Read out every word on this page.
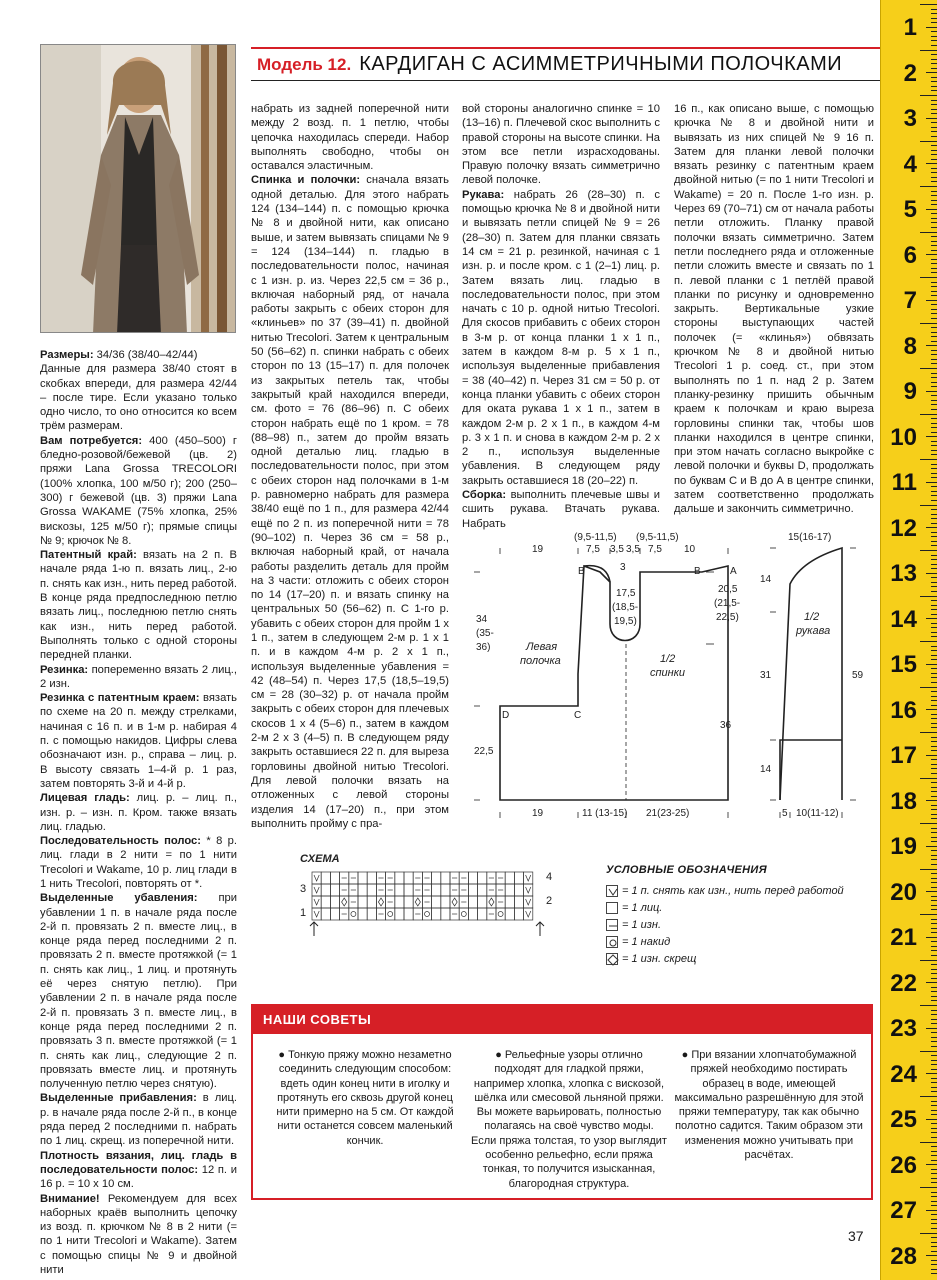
Модель 12. КАРДИГАН С АСИММЕТРИЧНЫМИ ПОЛОЧКАМИ

Размеры: 34/36 (38/40–42/44)

Данные для размера 38/40 стоят в скобках впереди, для размера 42/44 – после тире. Если указано только одно число, то оно относится ко всем трём размерам.

Вам потребуется: 400 (450–500) г бледно-розовой/бежевой (цв. 2) пряжи Lana Grossa TRECOLORI (100% хлопка, 100 м/50 г); 200 (250–300) г бежевой (цв. 3) пряжи Lana Grossa WAKAME (75% хлопка, 25% вискозы, 125 м/50 г); прямые спицы № 9; крючок № 8.

Патентный край: вязать на 2 п. В начале ряда 1-ю п. вязать лиц., 2-ю п. снять как изн., нить перед работой. В конце ряда предпоследнюю петлю вязать лиц., последнюю петлю снять как изн., нить перед работой. Выполнять только с одной стороны передней планки.

Резинка: попеременно вязать 2 лиц., 2 изн.

Резинка с патентным краем: вязать по схеме на 20 п. между стрелками, начиная с 16 п. и в 1-м р. набирая 4 п. с помощью накидов. Цифры слева обозначают изн. р., справа – лиц. р. В высоту связать 1–4-й р. 1 раз, затем повторять 3-й и 4-й р.

Лицевая гладь: лиц. р. – лиц. п., изн. р. – изн. п. Кром. также вязать лиц. гладью.

Последовательность полос: * 8 р. лиц. глади в 2 нити = по 1 нити Trecolori и Wakame, 10 р. лиц глади в 1 нить Trecolori, повторять от *.

Выделенные убавления: при убавлении 1 п. в начале ряда после 2-й п. провязать 2 п. вместе лиц., в конце ряда перед последними 2 п. провязать 2 п. вместе протяжкой (= 1 п. снять как лиц., 1 лиц. и протянуть её через снятую петлю). При убавлении 2 п. в начале ряда после 2-й п. провязать 3 п. вместе лиц., в конце ряда перед последними 2 п. провязать 3 п. вместе протяжкой (= 1 п. снять как лиц., следующие 2 п. провязать вместе лиц. и протянуть полученную петлю через снятую).

Выделенные прибавления: в лиц. р. в начале ряда после 2-й п., в конце ряда перед 2 последними п. набрать по 1 лиц. скрещ. из поперечной нити.

Плотность вязания, лиц. гладь в последовательности полос: 12 п. и 16 р. = 10 х 10 см.

Внимание! Рекомендуем для всех наборных краёв выполнить цепочку из возд. п. крючком № 8 в 2 нити (= по 1 нити Trecolori и Wakame). Затем с помощью спицы № 9 и двойной нити

набрать из задней поперечной нити между 2 возд. п. 1 петлю, чтобы цепочка находилась спереди. Набор выполнять свободно, чтобы он оставался эластичным.

Спинка и полочки: сначала вязать одной деталью. Для этого набрать 124 (134–144) п. с помощью крючка № 8 и двойной нити, как описано выше, и затем вывязать спицами № 9 = 124 (134–144) п. гладью в последовательности полос, начиная с 1 изн. р. из. Через 22,5 см = 36 р., включая наборный ряд, от начала работы закрыть с обеих сторон для «клиньев» по 37 (39–41) п. двойной нитью Trecolori. Затем к центральным 50 (56–62) п. спинки набрать с обеих сторон по 13 (15–17) п. для полочек из закрытых петель так, чтобы закрытый край находился впереди, см. фото = 76 (86–96) п. С обеих сторон набрать ещё по 1 кром. = 78 (88–98) п., затем до пройм вязать одной деталью лиц. гладью в последовательности полос, при этом с обеих сторон над полочками в 1-м р. равномерно набрать для размера 38/40 ещё по 1 п., для размера 42/44 ещё по 2 п. из поперечной нити = 78 (90–102) п. Через 36 см = 58 р., включая наборный край, от начала работы разделить деталь для пройм на 3 части: отложить с обеих сторон по 14 (17–20) п. и вязать спинку на центральных 50 (56–62) п. С 1-го р. убавить с обеих сторон для пройм 1 х 1 п., затем в следующем 2-м р. 1 х 1 п. и в каждом 4-м р. 2 х 1 п., используя выделенные убавления = 42 (48–54) п. Через 17,5 (18,5–19,5) см = 28 (30–32) р. от начала пройм закрыть с обеих сторон для плечевых скосов 1 х 4 (5–6) п., затем в каждом 2-м 2 х 3 (4–5) п. В следующем ряду закрыть оставшиеся 22 п. для выреза горловины двойной нитью Trecolori. Для левой полочки вязать на отложенных с левой стороны изделия 14 (17–20) п., при этом выполнить пройму с пра-

вой стороны аналогично спинке = 10 (13–16) п. Плечевой скос выполнить с правой стороны на высоте спинки. На этом все петли израсходованы. Правую полочку вязать симметрично левой полочке.

Рукава: набрать 26 (28–30) п. с помощью крючка № 8 и двойной нити и вывязать петли спицей № 9 = 26 (28–30) п. Затем для планки связать 14 см = 21 р. резинкой, начиная с 1 изн. р. и после кром. с 1 (2–1) лиц. р. Затем вязать лиц. гладью в последовательности полос, при этом начать с 10 р. одной нитью Trecolori. Для скосов прибавить с обеих сторон в 3-м р. от конца планки 1 х 1 п., затем в каждом 8-м р. 5 х 1 п., используя выделенные прибавления = 38 (40–42) п. Через 31 см = 50 р. от конца планки убавить с обеих сторон для оката рукава 1 х 1 п., затем в каждом 2-м р. 2 х 1 п., в каждом 4-м р. 3 х 1 п. и снова в каждом 2-м р. 2 х 2 п., используя выделенные убавления. В следующем ряду закрыть оставшиеся 18 (20–22) п.

Сборка: выполнить плечевые швы и сшить рукава. Втачать рукава. Набрать

16 п., как описано выше, с помощью крючка № 8 и двойной нити и вывязать из них спицей № 9 16 п. Затем для планки левой полочки вязать резинку с патентным краем двойной нитью (= по 1 нити Trecolori и Wakame) = 20 п. После 1-го изн. р. Через 69 (70–71) см от начала работы петли отложить. Планку правой полочки вязать симметрично. Затем петли последнего ряда и отложенные петли сложить вместе и связать по 1 п. левой планки с 1 петлёй правой планки по рисунку и одновременно закрыть. Вертикальные узкие стороны выступающих частей полочек (= «клинья») обвязать крючком № 8 и двойной нитью Trecolori 1 р. соед. ст., при этом выполнять по 1 п. над 2 р. Затем планку-резинку пришить обычным краем к полочкам и краю выреза горловины спинки так, чтобы шов планки находился в центре спинки, при этом начать согласно выкройке с левой полочки и буквы D, продолжать по буквам С и В до А в центре спинки, затем соответственно продолжать дальше и закончить симметрично.

19
(9,5-11,5)
7,5 3,5 3,5
(9,5-11,5)
7,5 10
B	3	B	A
17,5
(18,5-
19,5)
20,5
(21,5-
22,5)
34
(35-
36)	Левая
полочка	1/2
спинки
D	C
36
22,5
19	11 (13-15) 21(23-25)
15(16-17)
14
1/2
рукава
31	59
14
5 10(11-12)
СХЕМА
3
1
4
2
УСЛОВНЫЕ ОБОЗНАЧЕНИЯ
= 1 п. снять как изн., нить перед работой
= 1 лиц.
= 1 изн.
= 1 накид
= 1 изн. скрещ
НАШИ СОВЕТЫ
● Тонкую пряжу можно незаметно соединить следующим способом: вдеть один конец нити в иголку и протянуть его сквозь другой конец нити примерно на 5 см. От каждой нити останется совсем маленький кончик.
● Рельефные узоры отлично подходят для гладкой пряжи, например хлопка, хлопка с вискозой, шёлка или смесовой льняной пряжи. Вы можете варьировать, полностью полагаясь на своё чувство моды. Если пряжа толстая, то узор выглядит особенно рельефно, если пряжа тонкая, то получится изысканная, благородная структура.
● При вязании хлопчатобумажной пряжей необходимо постирать образец в воде, имеющей максимально разрешённую для этой пряжи температуру, так как обычно полотно садится. Таким образом эти изменения можно учитывать при расчётах.
37
1
2
3
4
5
6
7
8
9
10
11
12
13
14
15
16
17
18
19
20
21
22
23
24
25
26
27
28
